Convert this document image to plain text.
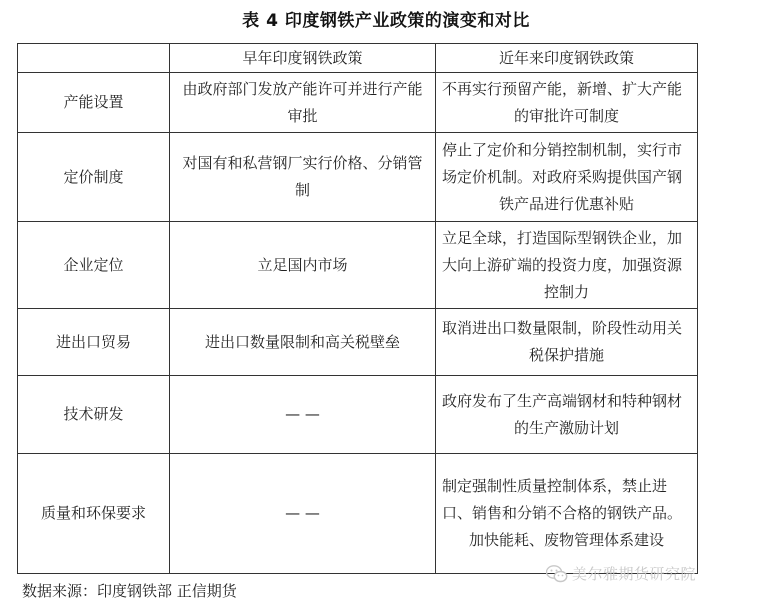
表 4 印度钢铁产业政策的演变和对比
	早年印度钢铁政策	近年来印度钢铁政策
产能设置	由政府部门发放产能许可并进行产能审批	不再实行预留产能，新增、扩大产能的审批许可制度
定价制度	对国有和私营钢厂实行价格、分销管制	停止了定价和分销控制机制，实行市场定价机制。对政府采购提供国产钢铁产品进行优惠补贴
企业定位	立足国内市场	立足全球，打造国际型钢铁企业，加大向上游矿端的投资力度，加强资源控制力
进出口贸易	进出口数量限制和高关税壁垒	取消进出口数量限制，阶段性动用关税保护措施
技术研发	— —	政府发布了生产高端钢材和特种钢材的生产激励计划
质量和环保要求	— —	制定强制性质量控制体系，禁止进口、销售和分销不合格的钢铁产品。加快能耗、废物管理体系建设
数据来源：印度钢铁部 正信期货
美尔雅期货研究院
